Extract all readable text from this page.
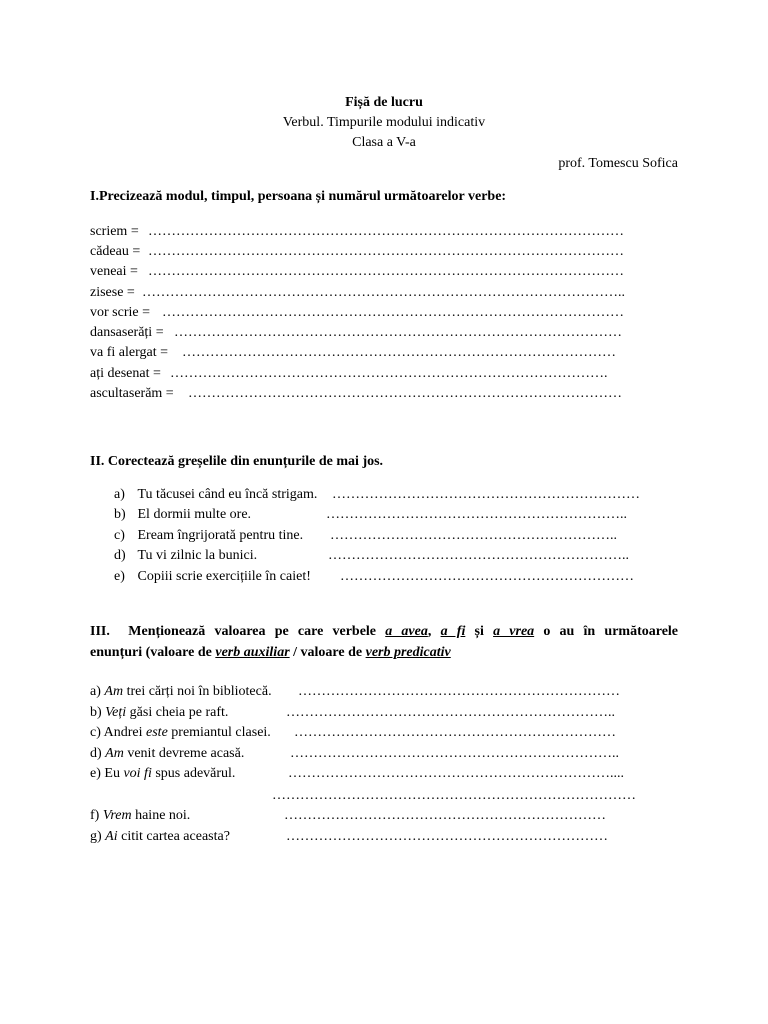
Fișă de lucru
Verbul. Timpurile modului indicativ
Clasa a V-a
prof. Tomescu Sofica
I.Precizează modul, timpul, persoana și numărul următoarelor verbe:
scriem = …………………………………………………………………………………………
cădeau = …………………………………………………………………………………………
veneai = …………………………………………………………………………………………
zisese = …………………………………………………………………………………………..
vor scrie = ………………………………………………………………………………………
dansaserăți = ……………………………………………………………………………………
va fi alergat = …………………………………………………………………………………
ați desenat = ………………………………………………………………………………….
ascultaserăm = …………………………………………………………………………………
II. Corectează greșelile din enunțurile de mai jos.
a) Tu tăcusei când eu încă strigam. …………………………………………………………
b) El dormii multe ore.	………………………………………………………..
c) Eream îngrijorată pentru tine. ……………………………………………………..
d) Tu vi zilnic la bunici.	………………………………………………………..
e) Copiii scrie exercițiile în caiet! ………………………………………………………
III. Menționează valoarea pe care verbele a avea, a fi și a vrea o au în următoarele
enunțuri (valoare de verb auxiliar / valoare de verb predicativ
a) Am trei cărți noi în bibliotecă. ……………………………………………………………
b) Veți găsi cheia pe raft.	……………………………………………………………..
c) Andrei este premiantul clasei. ……………………………………………………………
d) Am venit devreme acasă.	……………………………………………………………..
e) Eu voi fi spus adevărul.	……………………………………………………………....
……………………………………………………………………
f) Vrem haine noi.	……………………………………………………………
g) Ai citit cartea aceasta?	……………………………………………………………
